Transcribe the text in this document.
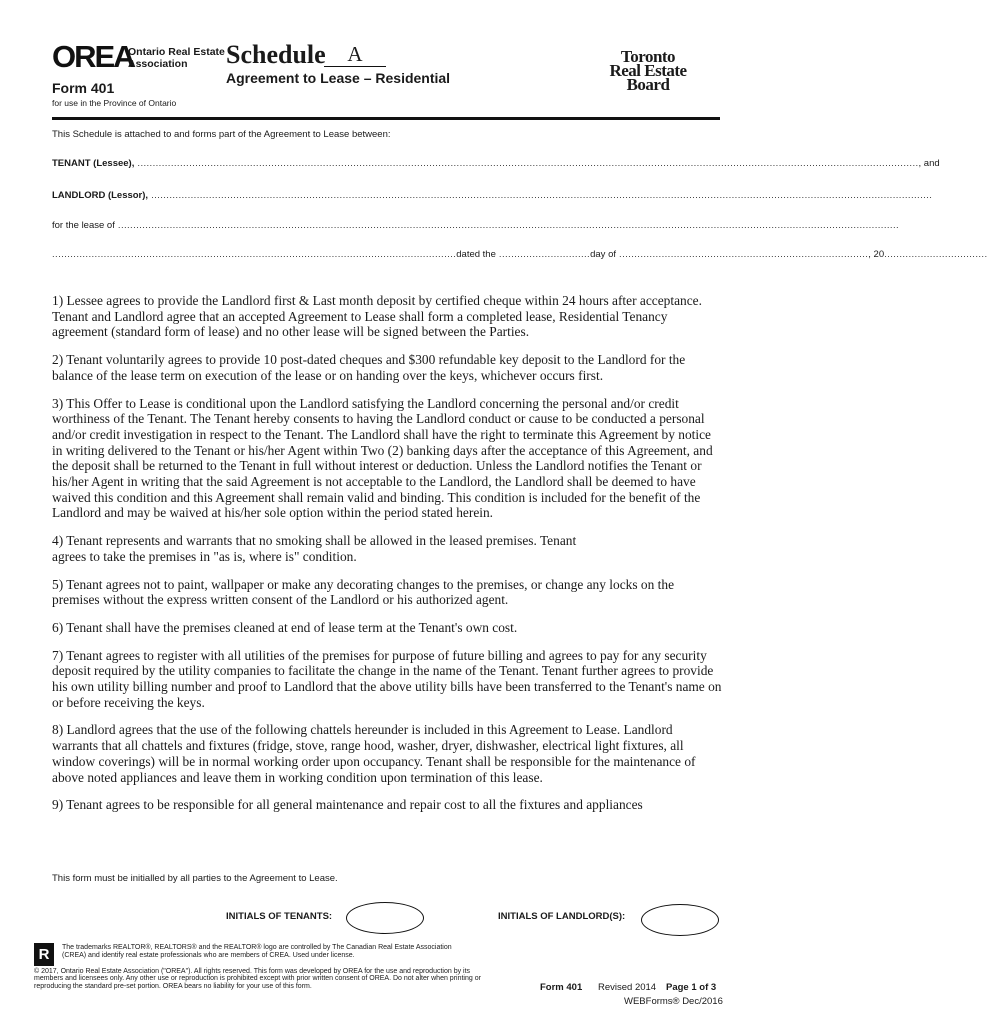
OREA
Ontario Real Estate
Association
Form 401
for use in the Province of Ontario
Schedule	A
Agreement to Lease – Residential
Toronto
Real Estate
Board
This Schedule is attached to and forms part of the Agreement to Lease between:
TENANT (Lessee), ................................................................................................................................................................................................................................................................. , and
LANDLORD (Lessor), .................................................................................................................................................................................................................................................................
for the lease of .................................................................................................................................................................................................................................................................
..................................................................................................................................... dated the .............................. day of .................................................................................. , 20 ..................................

1) Lessee agrees to provide the Landlord first & Last month deposit by certified cheque within 24 hours after acceptance. Tenant and Landlord agree that an accepted Agreement to Lease shall form a completed lease, Residential Tenancy agreement (standard form of lease) and no other lease will be signed between the Parties.

2) Tenant voluntarily agrees to provide 10 post-dated cheques and $300 refundable key deposit to the Landlord for the balance of the lease term on execution of the lease or on handing over the keys, whichever occurs first.

3) This Offer to Lease is conditional upon the Landlord satisfying the Landlord concerning the personal and/or credit worthiness of the Tenant. The Tenant hereby consents to having the Landlord conduct or cause to be conducted a personal and/or credit investigation in respect to the Tenant. The Landlord shall have the right to terminate this Agreement by notice in writing delivered to the Tenant or his/her Agent within Two (2) banking days after the acceptance of this Agreement, and the deposit shall be returned to the Tenant in full without interest or deduction. Unless the Landlord notifies the Tenant or his/her Agent in writing that the said Agreement is not acceptable to the Landlord, the Landlord shall be deemed to have waived this condition and this Agreement shall remain valid and binding. This condition is included for the benefit of the Landlord and may be waived at his/her sole option within the period stated herein.

4) Tenant represents and warrants that no smoking shall be allowed in the leased premises. Tenant agrees to take the premises in "as is, where is" condition.

5) Tenant agrees not to paint, wallpaper or make any decorating changes to the premises, or change any locks on the premises without the express written consent of the Landlord or his authorized agent.

6) Tenant shall have the premises cleaned at end of lease term at the Tenant's own cost.

7) Tenant agrees to register with all utilities of the premises for purpose of future billing and agrees to pay for any security deposit required by the utility companies to facilitate the change in the name of the Tenant. Tenant further agrees to provide his own utility billing number and proof to Landlord that the above utility bills have been transferred to the Tenant's name on or before receiving the keys.

8) Landlord agrees that the use of the following chattels hereunder is included in this Agreement to Lease. Landlord warrants that all chattels and fixtures (fridge, stove, range hood, washer, dryer, dishwasher, electrical light fixtures, all window coverings) will be in normal working order upon occupancy. Tenant shall be responsible for the maintenance of above noted appliances and leave them in working condition upon termination of this lease.

9) Tenant agrees to be responsible for all general maintenance and repair cost to all the fixtures and appliances

This form must be initialled by all parties to the Agreement to Lease.
INITIALS OF TENANTS:	INITIALS OF LANDLORD(S):
R	The trademarks REALTOR®, REALTORS® and the REALTOR® logo are controlled by The Canadian Real Estate Association (CREA) and identify real estate professionals who are members of CREA. Used under license.
© 2017, Ontario Real Estate Association ("OREA"). All rights reserved. This form was developed by OREA for the use and reproduction by its members and licensees only. Any other use or reproduction is prohibited except with prior written consent of OREA. Do not alter when printing or reproducing the standard pre-set portion. OREA bears no liability for your use of this form.	Form 401 Revised 2014 Page 1 of 3
WEBForms® Dec/2016
